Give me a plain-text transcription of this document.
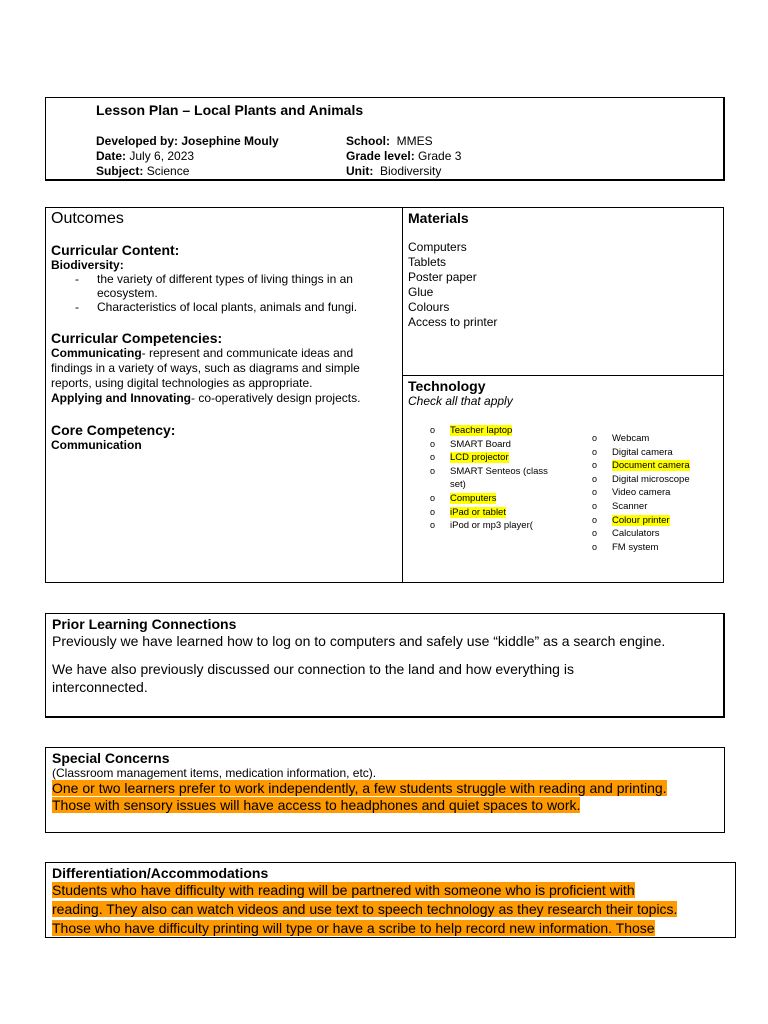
Lesson Plan – Local Plants and Animals
Developed by: Josephine Mouly
Date: July 6, 2023
Subject: Science
School: MMES
Grade level: Grade 3
Unit: Biodiversity
Outcomes
Curricular Content:
Biodiversity:
- the variety of different types of living things in an ecosystem.
- Characteristics of local plants, animals and fungi.
Curricular Competencies:
Communicating- represent and communicate ideas and findings in a variety of ways, such as diagrams and simple reports, using digital technologies as appropriate.
Applying and Innovating- co-operatively design projects.
Core Competency:
Communication
Materials
Computers
Tablets
Poster paper
Glue
Colours
Access to printer
Technology
Check all that apply
o Teacher laptop
o SMART Board
o LCD projector
o SMART Senteos (class set)
o Computers
o iPad or tablet
o iPod or mp3 player(
o Webcam
o Digital camera
o Document camera
o Digital microscope
o Video camera
o Scanner
o Colour printer
o Calculators
o FM system
Prior Learning Connections
Previously we have learned how to log on to computers and safely use “kiddle” as a search engine.
We have also previously discussed our connection to the land and how everything is interconnected.
Special Concerns
(Classroom management items, medication information, etc).
One or two learners prefer to work independently, a few students struggle with reading and printing.
Those with sensory issues will have access to headphones and quiet spaces to work.
Differentiation/Accommodations
Students who have difficulty with reading will be partnered with someone who is proficient with
reading. They also can watch videos and use text to speech technology as they research their topics.
Those who have difficulty printing will type or have a scribe to help record new information. Those
